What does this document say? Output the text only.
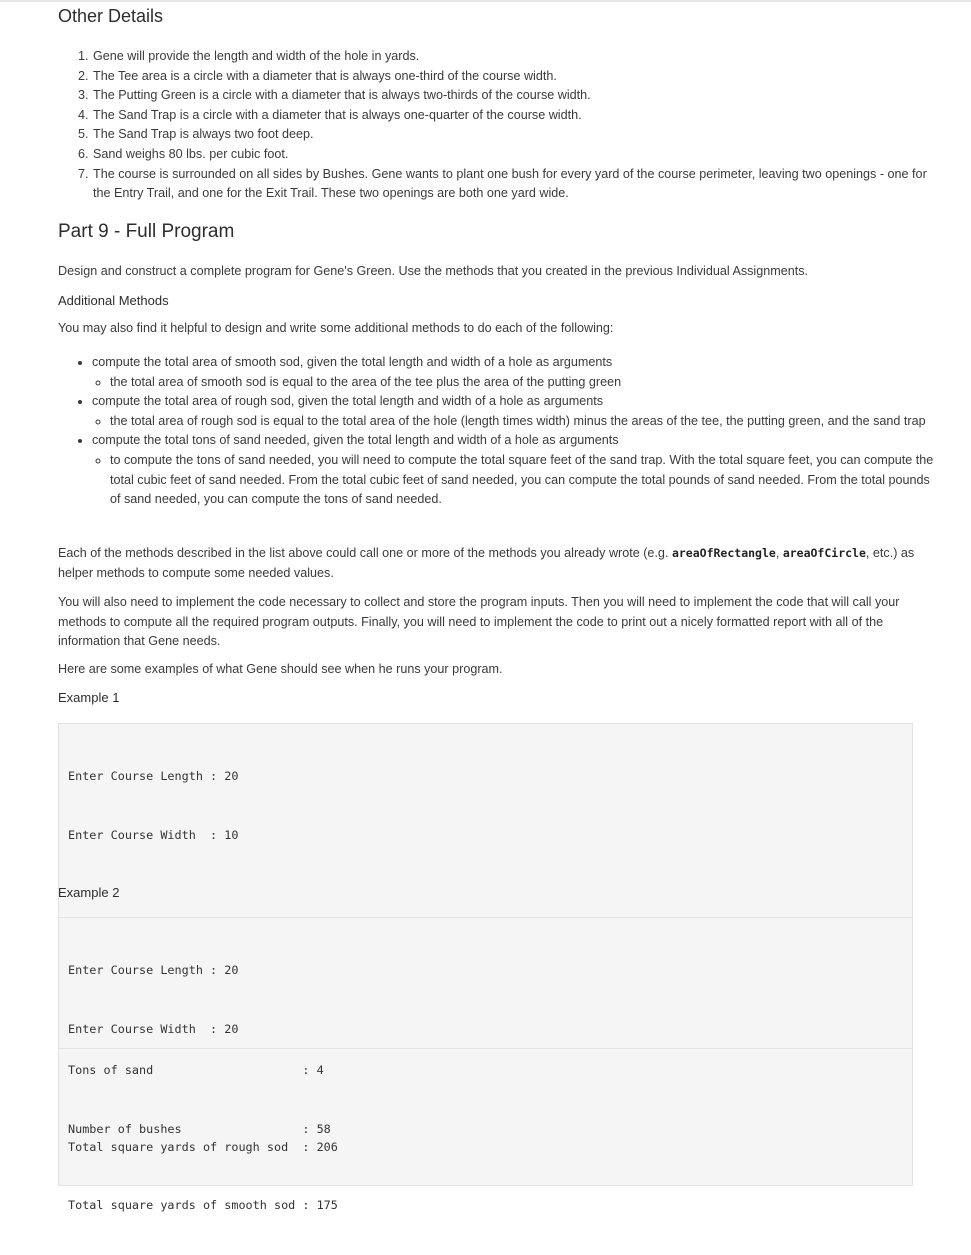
Other Details
1. Gene will provide the length and width of the hole in yards.
2. The Tee area is a circle with a diameter that is always one-third of the course width.
3. The Putting Green is a circle with a diameter that is always two-thirds of the course width.
4. The Sand Trap is a circle with a diameter that is always one-quarter of the course width.
5. The Sand Trap is always two foot deep.
6. Sand weighs 80 lbs. per cubic foot.
7. The course is surrounded on all sides by Bushes. Gene wants to plant one bush for every yard of the course perimeter, leaving two openings - one for the Entry Trail, and one for the Exit Trail. These two openings are both one yard wide.
Part 9 - Full Program

Design and construct a complete program for Gene's Green. Use the methods that you created in the previous Individual Assignments.

Additional Methods

You may also find it helpful to design and write some additional methods to do each of the following:

• compute the total area of smooth sod, given the total length and width of a hole as arguments
◦ the total area of smooth sod is equal to the area of the tee plus the area of the putting green
• compute the total area of rough sod, given the total length and width of a hole as arguments
◦ the total area of rough sod is equal to the total area of the hole (length times width) minus the areas of the tee, the putting green, and the sand trap
• compute the total tons of sand needed, given the total length and width of a hole as arguments
◦ to compute the tons of sand needed, you will need to compute the total square feet of the sand trap. With the total square feet, you can compute the total cubic feet of sand needed. From the total cubic feet of sand needed, you can compute the total pounds of sand needed. From the total pounds of sand needed, you can compute the tons of sand needed.

Each of the methods described in the list above could call one or more of the methods you already wrote (e.g. areaOfRectangle, areaOfCircle, etc.) as helper methods to compute some needed values.

You will also need to implement the code necessary to collect and store the program inputs. Then you will need to implement the code that will call your methods to compute all the required program outputs. Finally, you will need to implement the code to print out a nicely formatted report with all of the information that Gene needs.

Here are some examples of what Gene should see when he runs your program.

Example 1

Enter Course Length : 20

Enter Course Width  : 10

Tons of sand                     : 4

Number of bushes                 : 58

Example 2

Enter Course Length : 20

Enter Course Width  : 20

Total square yards of rough sod  : 206

Total square yards of smooth sod : 175
